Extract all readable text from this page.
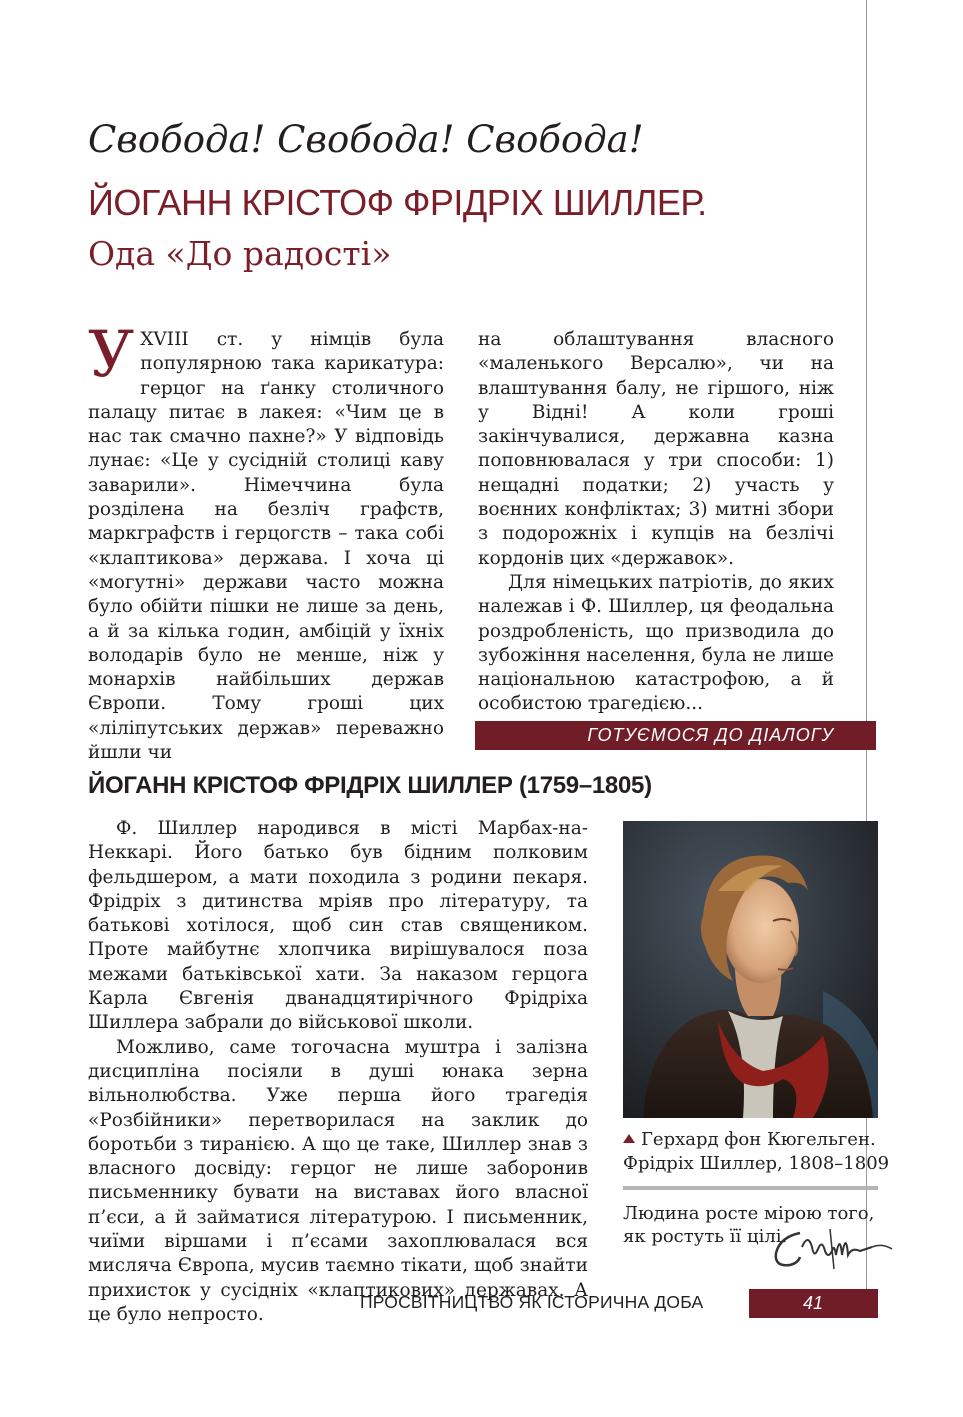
Свобода! Свобода! Свобода!
ЙОГАНН КРІСТОФ ФРІДРІХ ШИЛЛЕР.
Ода «До радості»
У XVIII ст. у німців була популярною така карикатура: герцог на ґанку столичного палацу питає в лакея: «Чим це в нас так смачно пахне?» У відповідь лунає: «Це у сусідній столиці каву заварили». Німеччина була розділена на безліч графств, маркграфств і герцогств – така собі «клаптикова» держава. І хоча ці «могутні» держави часто можна було обійти пішки не лише за день, а й за кілька годин, амбіцій у їхніх володарів було не менше, ніж у монархів найбільших держав Європи. Тому гроші цих «ліліпутських держав» переважно йшли чи

на облаштування власного «маленького Версалю», чи на влаштування балу, не гіршого, ніж у Відні! А коли гроші закінчувалися, державна казна поповнювалася у три способи: 1) нещадні податки; 2) участь у воєнних конфліктах; 3) митні збори з подорожніх і купців на безлічі кордонів цих «державок».

Для німецьких патріотів, до яких належав і Ф. Шиллер, ця феодальна роздробленість, що призводила до зубожіння населення, була не лише національною катастрофою, а й особистою трагедією...

ГОТУЄМОСЯ ДО ДІАЛОГУ
ЙОГАНН КРІСТОФ ФРІДРІХ ШИЛЛЕР (1759–1805)

Ф. Шиллер народився в місті Марбах-на-Неккарі. Його батько був бідним полковим фельдшером, а мати походила з родини пекаря. Фрідріх з дитинства мріяв про літературу, та батькові хотілося, щоб син став священиком. Проте майбутнє хлопчика вирішувалося поза межами батьківської хати. За наказом герцога Карла Євгенія дванадцятирічного Фрідріха Шиллера забрали до військової школи.

Можливо, саме тогочасна муштра і залізна дисципліна посіяли в душі юнака зерна вільнолюбства. Уже перша його трагедія «Розбійники» перетворилася на заклик до боротьби з тиранією. А що це таке, Шиллер знав з власного досвіду: герцог не лише заборонив письменнику бувати на виставах його власної п’єси, а й займатися літературою. І письменник, чиїми віршами і п’єсами захоплювалася вся мисляча Європа, мусив таємно тікати, щоб знайти прихисток у сусідніх «клаптикових» державах. А це було непросто.

Герхард фон Кюгельген.
Фрідріх Шиллер, 1808–1809
Людина росте мірою того,
як ростуть її цілі.
ПРОСВІТНИЦТВО ЯК ІСТОРИЧНА ДОБА	41
